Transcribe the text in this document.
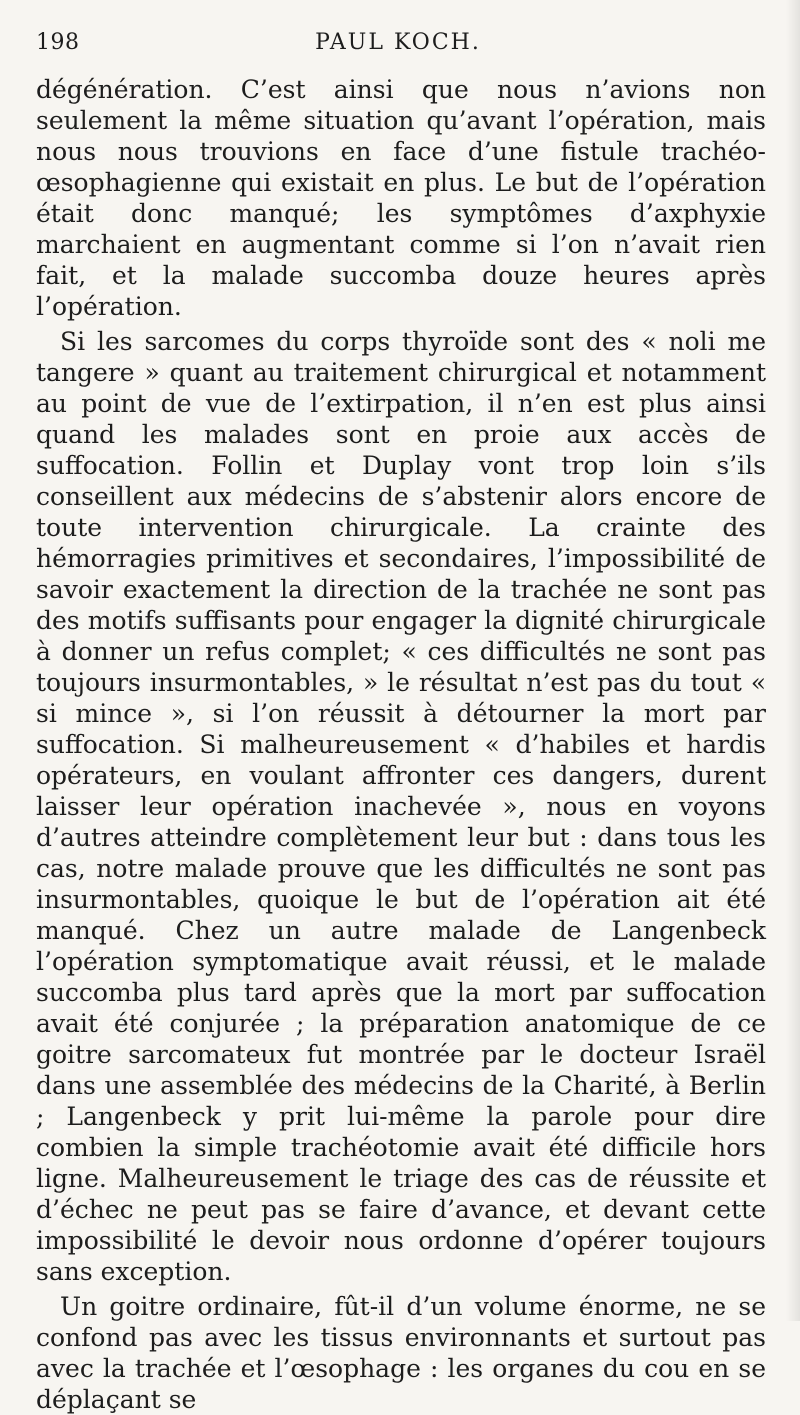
198	PAUL KOCH.

dégénération. C’est ainsi que nous n’avions non seulement la même situation qu’avant l’opération, mais nous nous trouvions en face d’une fistule trachéo-œsophagienne qui existait en plus. Le but de l’opération était donc manqué; les symptômes d’axphyxie marchaient en augmentant comme si l’on n’avait rien fait, et la malade succomba douze heures après l’opération.

Si les sarcomes du corps thyroïde sont des « noli me tangere » quant au traitement chirurgical et notamment au point de vue de l’extirpation, il n’en est plus ainsi quand les malades sont en proie aux accès de suffocation. Follin et Duplay vont trop loin s’ils conseillent aux médecins de s’abstenir alors encore de toute intervention chirurgicale. La crainte des hémorragies primitives et secondaires, l’impossibilité de savoir exactement la direction de la trachée ne sont pas des motifs suffisants pour engager la dignité chirurgicale à donner un refus complet; « ces difficultés ne sont pas toujours insurmontables, » le résultat n’est pas du tout « si mince », si l’on réussit à détourner la mort par suffocation. Si malheureusement « d’habiles et hardis opérateurs, en voulant affronter ces dangers, durent laisser leur opération inachevée », nous en voyons d’autres atteindre complètement leur but : dans tous les cas, notre malade prouve que les difficultés ne sont pas insurmontables, quoique le but de l’opération ait été manqué. Chez un autre malade de Langenbeck l’opération symptomatique avait réussi, et le malade succomba plus tard après que la mort par suffocation avait été conjurée ; la préparation anatomique de ce goitre sarcomateux fut montrée par le docteur Israël dans une assemblée des médecins de la Charité, à Berlin ; Langenbeck y prit lui-même la parole pour dire combien la simple trachéotomie avait été difficile hors ligne. Malheureusement le triage des cas de réussite et d’échec ne peut pas se faire d’avance, et devant cette impossibilité le devoir nous ordonne d’opérer toujours sans exception.

Un goitre ordinaire, fût-il d’un volume énorme, ne se confond pas avec les tissus environnants et surtout pas avec la trachée et l’œsophage : les organes du cou en se déplaçant se
